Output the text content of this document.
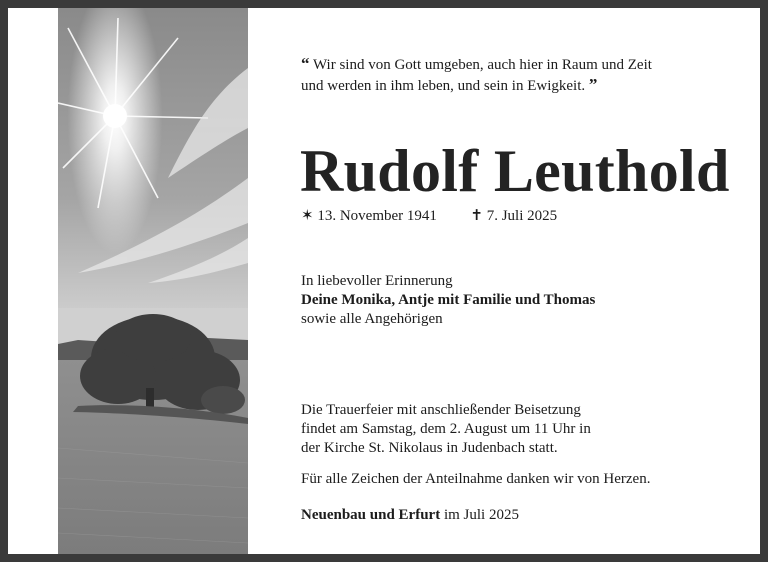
“ Wir sind von Gott umgeben, auch hier in Raum und Zeit
und werden in ihm leben, und sein in Ewigkeit. ”
Rudolf Leuthold
✶ 13. November 1941 ✝ 7. Juli 2025
In liebevoller Erinnerung
Deine Monika, Antje mit Familie und Thomas
sowie alle Angehörigen
Die Trauerfeier mit anschließender Beisetzung
findet am Samstag, dem 2. August um 11 Uhr in
der Kirche St. Nikolaus in Judenbach statt.
Für alle Zeichen der Anteilnahme danken wir von Herzen.
Neuenbau und Erfurt im Juli 2025
